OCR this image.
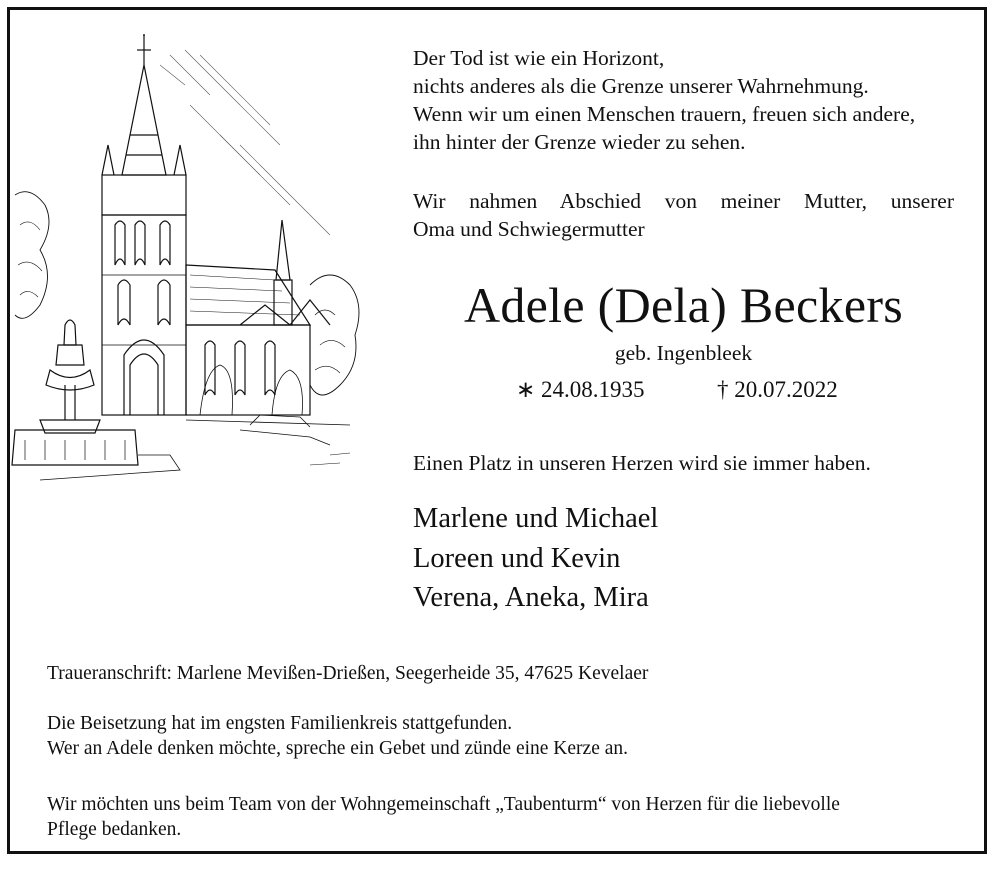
Der Tod ist wie ein Horizont,
nichts anderes als die Grenze unserer Wahrnehmung.
Wenn wir um einen Menschen trauern, freuen sich andere,
ihn hinter der Grenze wieder zu sehen.
Wir nahmen Abschied von meiner Mutter, unserer
Oma und Schwiegermutter
Adele (Dela) Beckers
geb. Ingenbleek
∗ 24.08.1935	† 20.07.2022
Einen Platz in unseren Herzen wird sie immer haben.
Marlene und Michael
Loreen und Kevin
Verena, Aneka, Mira
Traueranschrift: Marlene Mevißen-Drießen, Seegerheide 35, 47625 Kevelaer
Die Beisetzung hat im engsten Familienkreis stattgefunden.
Wer an Adele denken möchte, spreche ein Gebet und zünde eine Kerze an.
Wir möchten uns beim Team von der Wohngemeinschaft „Taubenturm“ von Herzen für die liebevolle
Pflege bedanken.
